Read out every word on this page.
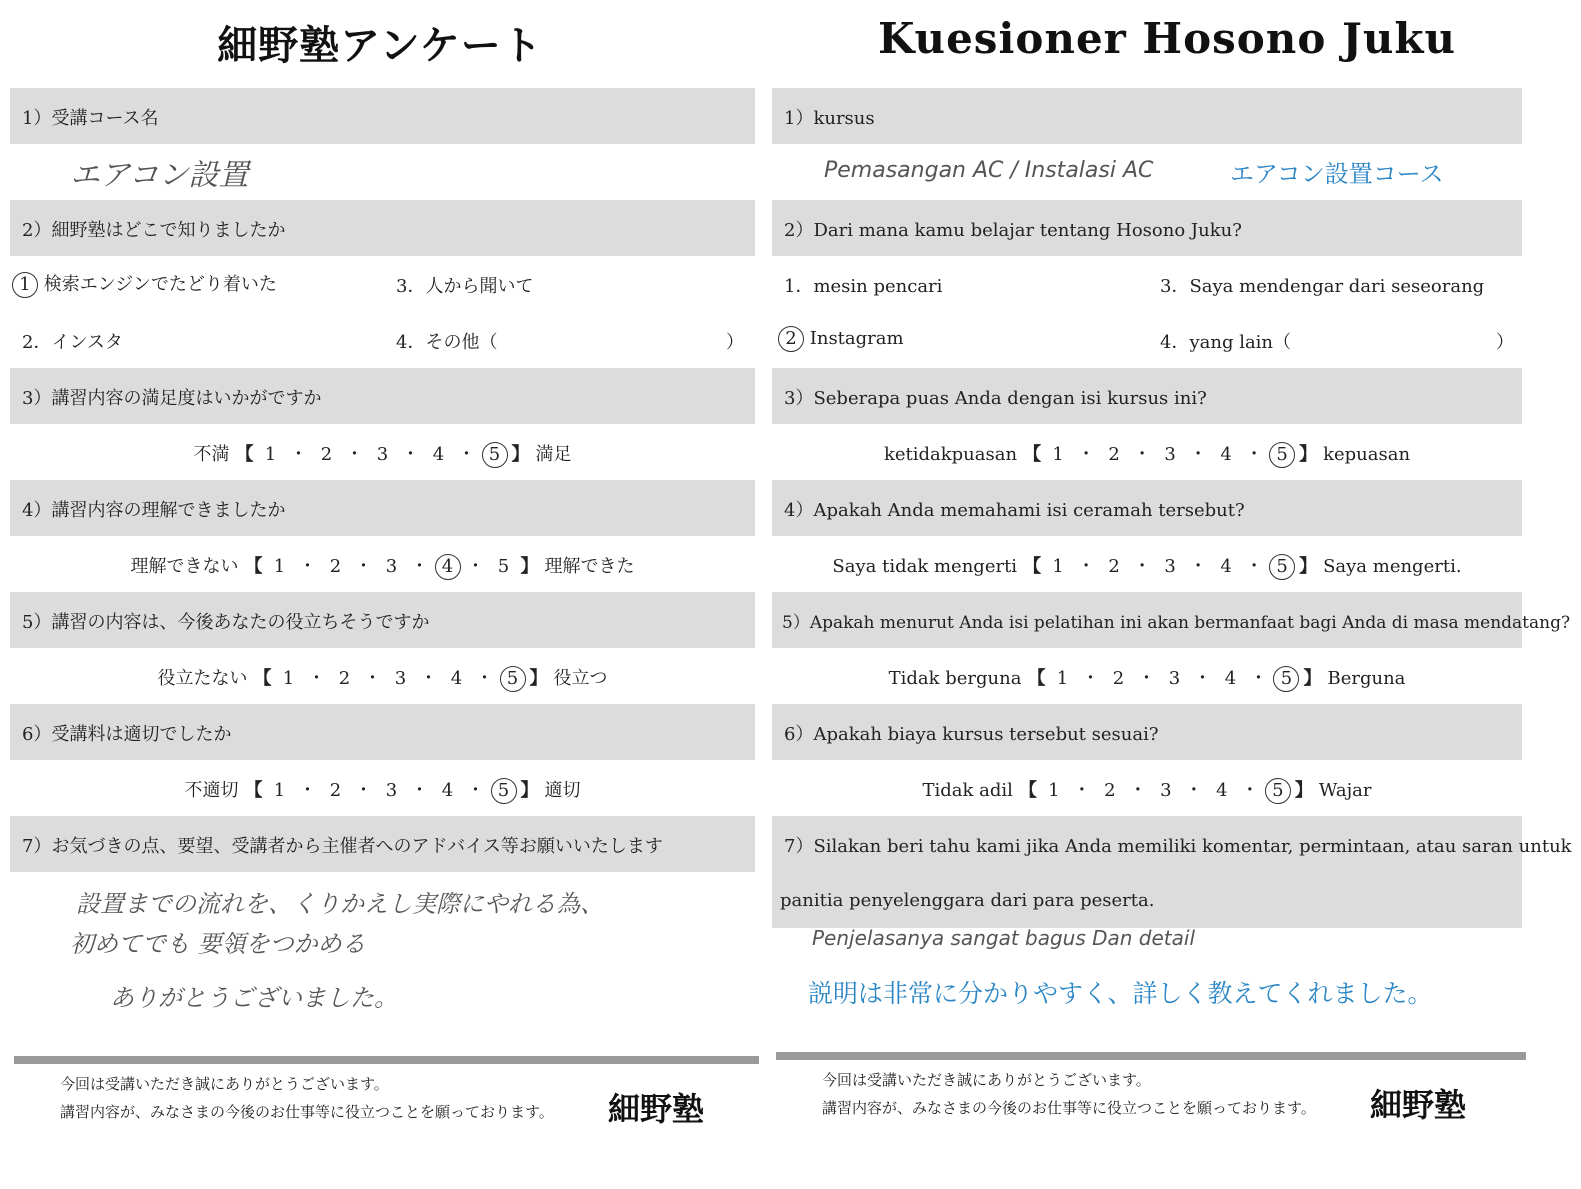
細野塾アンケート
1）受講コース名
エアコン設置
2）細野塾はどこで知りましたか
1 検索エンジンでたどり着いた	3．人から聞いて
2．インスタ	4．その他（	）
3）講習内容の満足度はいかがですか
不満 【 1 ・ 2 ・ 3 ・ 4 ・ 5 】 満足
4）講習内容の理解できましたか
理解できない 【 1 ・ 2 ・ 3 ・ 4 ・ 5 】 理解できた
5）講習の内容は、今後あなたの役立ちそうですか
役立たない 【 1 ・ 2 ・ 3 ・ 4 ・ 5 】 役立つ
6）受講料は適切でしたか
不適切 【 1 ・ 2 ・ 3 ・ 4 ・ 5 】 適切
7）お気づきの点、要望、受講者から主催者へのアドバイス等お願いいたします
設置までの流れを、くりかえし実際にやれる為、
初めてでも 要領をつかめる
ありがとうございました。
今回は受講いただき誠にありがとうございます。
講習内容が、みなさまの今後のお仕事等に役立つことを願っております。 細野塾
Kuesioner Hosono Juku
1）kursus
Pemasangan AC / Instalasi AC	エアコン設置コース
2）Dari mana kamu belajar tentang Hosono Juku?
1．mesin pencari	3．Saya mendengar dari seseorang
2 Instagram	4．yang lain（	）
3）Seberapa puas Anda dengan isi kursus ini?
ketidakpuasan 【 1 ・ 2 ・ 3 ・ 4 ・ 5 】 kepuasan
4）Apakah Anda memahami isi ceramah tersebut?
Saya tidak mengerti 【 1 ・ 2 ・ 3 ・ 4 ・ 5 】 Saya mengerti.
5）Apakah menurut Anda isi pelatihan ini akan bermanfaat bagi Anda di masa mendatang?
Tidak berguna 【 1 ・ 2 ・ 3 ・ 4 ・ 5 】 Berguna
6）Apakah biaya kursus tersebut sesuai?
Tidak adil 【 1 ・ 2 ・ 3 ・ 4 ・ 5 】 Wajar
7）Silakan beri tahu kami jika Anda memiliki komentar, permintaan, atau saran untuk
panitia penyelenggara dari para peserta.
Penjelasanya sangat bagus Dan detail
説明は非常に分かりやすく、詳しく教えてくれました。
今回は受講いただき誠にありがとうございます。
講習内容が、みなさまの今後のお仕事等に役立つことを願っております。 細野塾
